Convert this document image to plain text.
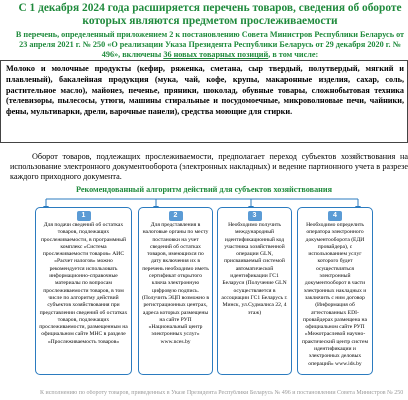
С 1 декабря 2024 года расширяется перечень товаров, сведения об обороте которых являются предметом прослеживаемости
В перечень, определенный приложением 2 к постановлению Совета Министров Республики Беларусь от 23 апреля 2021 г. № 250 «О реализации Указа Президента Республики Беларусь от 29 декабря 2020 г. № 496», включены 36 новых товарных позиций, в том числе:
Молоко и молочные продукты (кефир, ряженка, сметана, сыр твердый, полутвердый, мягкий и плавленый), бакалейная продукция (мука, чай, кофе, крупы, макаронные изделия, сахар, соль, растительное масло), майонез, печенье, пряники, шоколад, обувные товары, сложнобытовая техника (телевизоры, пылесосы, утюги, машины стиральные и посудомоечные, микроволновые печи, чайники, фены, мультиварки, дрели, варочные панели), средства моющие для стирки.
Оборот товаров, подлежащих прослеживаемости, предполагает переход субъектов хозяйствования на использование электронного документооборота (электронных накладных) и ведение партионного учета в разрезе каждого приходного документа.
Рекомендованный алгоритм действий для субъектов хозяйствования
1
Для подачи сведений об остатках товаров, подлежащих прослеживаемости, в программный комплекс «Система прослеживаемости товаров» АИС «Расчет налогов» можно рекомендуется использовать информационно-справочные материалы по вопросам прослеживаемости товаров, в том числе по алгоритму действий субъектов хозяйствования при представлении сведений об остатках товаров, подлежащих прослеживаемости, размещенным на официальном сайте МНС в разделе «Прослеживаемость товаров»
2
Для представления в налоговые органы по месту постановки на учет сведений об остатках товаров, имеющихся по дату включения их в перечень необходимо иметь сертификат открытого ключа электронную цифровую подпись. (Получить ЭЦП возможно в регистрационных центрах, адреса которых размещены на сайте РУП «Национальный центр электронных услуг» www.nces.by
3
Необходимо получить международный идентификационный код участника хозяйственной операции GLN, присваиваемый системой автоматической идентификации ГС1 Беларуси (Получение GLN осуществляется в ассоциации ГС1 Беларусь г. Минск, ул.Судмалиса 22, 4 этаж)
4
Необходимо определить оператора электронного документооборота (ЕДИ провайдера), с использованием услуг которого будет осуществляться электронный документооборот в части электронных накладных и заключить с ним договор (Информация об аттестованных EDI-провайдерах размещена на официальном сайте РУП «Межотраслевой научно-практический центр систем идентификации и электронных деловых операций» www.ids.by
К исполнению по обороту товаров, приведенных в Указе Президента Республики Беларусь № 496 и постановлении Совета Министров № 250
